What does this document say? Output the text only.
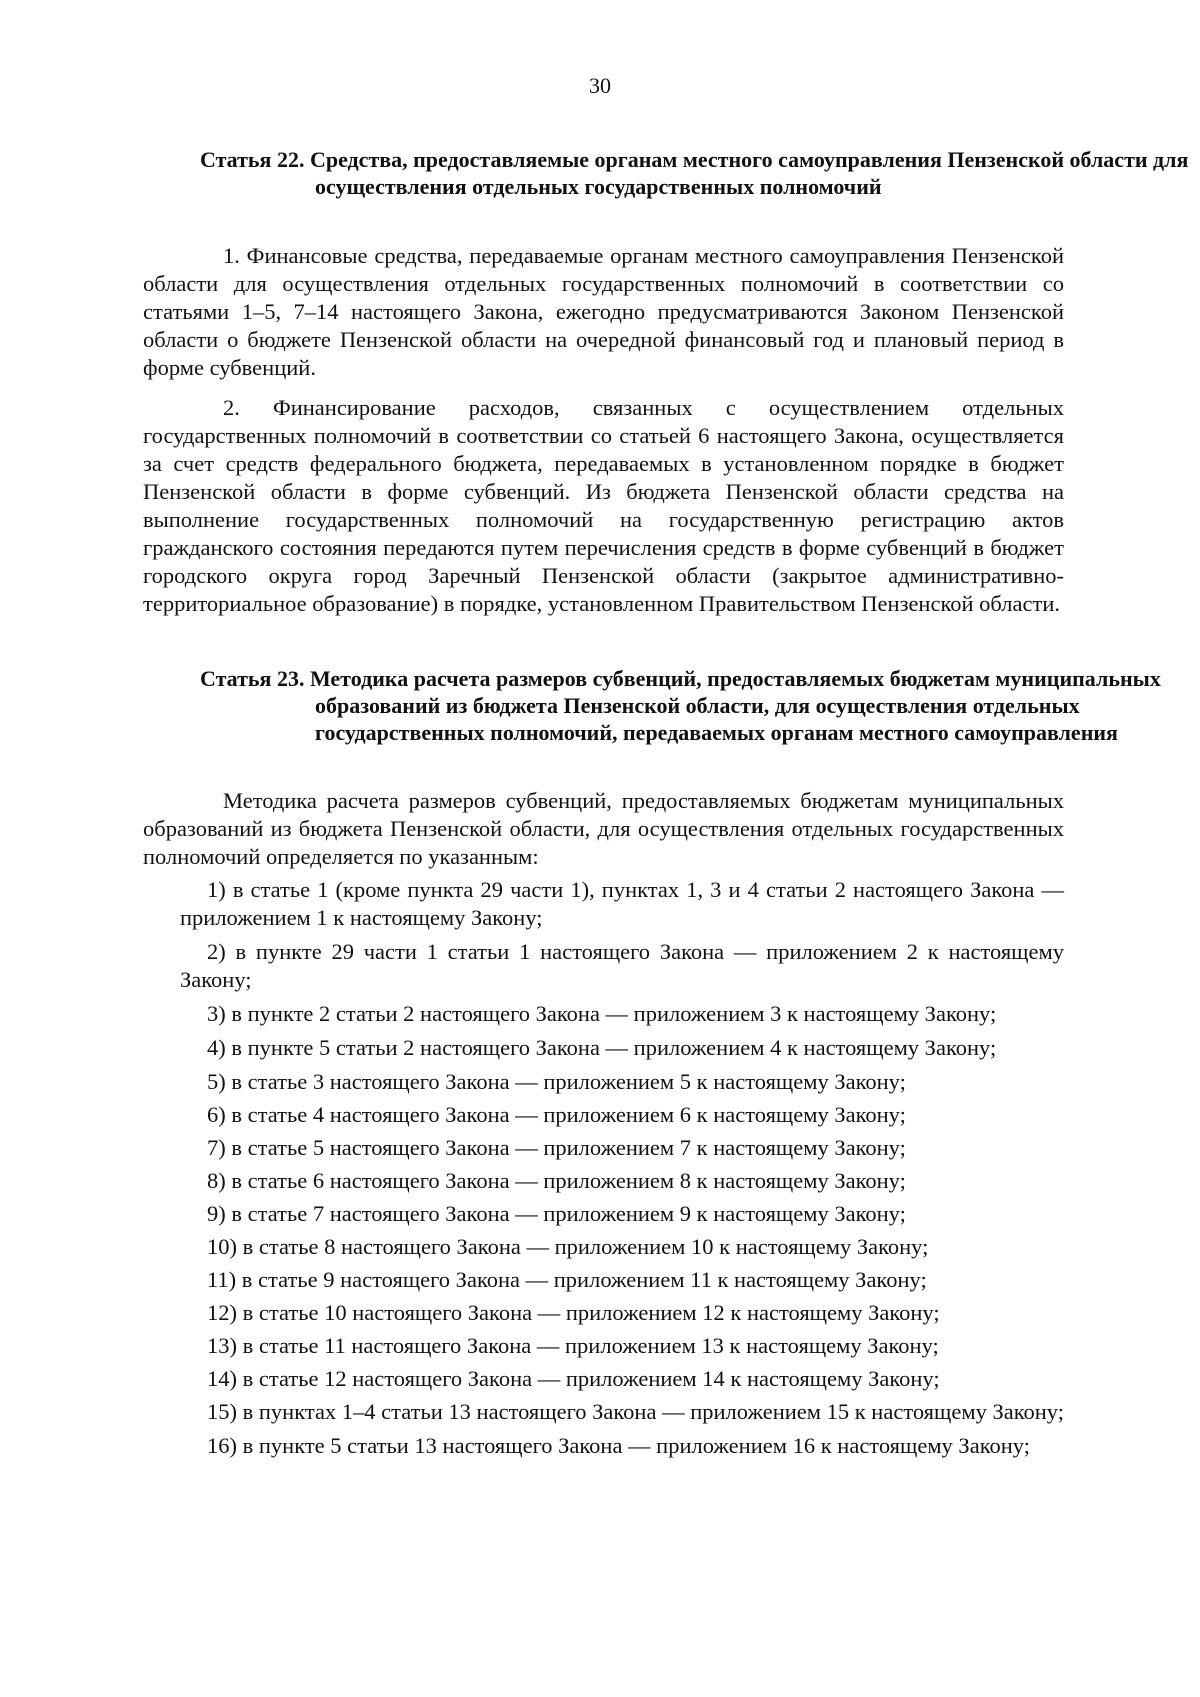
30
Статья 22. Средства, предоставляемые органам местного самоуправления Пензенской области для осуществления отдельных государственных полномочий
1. Финансовые средства, передаваемые органам местного самоуправления Пензенской области для осуществления отдельных государственных полномочий в соответствии со статьями 1–5, 7–14 настоящего Закона, ежегодно предусматриваются Законом Пензенской области о бюджете Пензенской области на очередной финансовый год и плановый период в форме субвенций.
2. Финансирование расходов, связанных с осуществлением отдельных государственных полномочий в соответствии со статьей 6 настоящего Закона, осуществляется за счет средств федерального бюджета, передаваемых в установленном порядке в бюджет Пензенской области в форме субвенций. Из бюджета Пензенской области средства на выполнение государственных полномочий на государственную регистрацию актов гражданского состояния передаются путем перечисления средств в форме субвенций в бюджет городского округа город Заречный Пензенской области (закрытое административно-территориальное образование) в порядке, установленном Правительством Пензенской области.
Статья 23. Методика расчета размеров субвенций, предоставляемых бюджетам муниципальных образований из бюджета Пензенской области, для осуществления отдельных государственных полномочий, передаваемых органам местного самоуправления
Методика расчета размеров субвенций, предоставляемых бюджетам муниципальных образований из бюджета Пензенской области, для осуществления отдельных государственных полномочий определяется по указанным:
1) в статье 1 (кроме пункта 29 части 1), пунктах 1, 3 и 4 статьи 2 настоящего Закона — приложением 1 к настоящему Закону;
2) в пункте 29 части 1 статьи 1 настоящего Закона — приложением 2 к настоящему Закону;
3) в пункте 2 статьи 2 настоящего Закона — приложением 3 к настоящему Закону;
4) в пункте 5 статьи 2 настоящего Закона — приложением 4 к настоящему Закону;
5) в статье 3 настоящего Закона — приложением 5 к настоящему Закону;
6) в статье 4 настоящего Закона — приложением 6 к настоящему Закону;
7) в статье 5 настоящего Закона — приложением 7 к настоящему Закону;
8) в статье 6 настоящего Закона — приложением 8 к настоящему Закону;
9) в статье 7 настоящего Закона — приложением 9 к настоящему Закону;
10) в статье 8 настоящего Закона — приложением 10 к настоящему Закону;
11) в статье 9 настоящего Закона — приложением 11 к настоящему Закону;
12) в статье 10 настоящего Закона — приложением 12 к настоящему Закону;
13) в статье 11 настоящего Закона — приложением 13 к настоящему Закону;
14) в статье 12 настоящего Закона — приложением 14 к настоящему Закону;
15) в пунктах 1–4 статьи 13 настоящего Закона — приложением 15 к настоящему Закону;
16) в пункте 5 статьи 13 настоящего Закона — приложением 16 к настоящему Закону;
